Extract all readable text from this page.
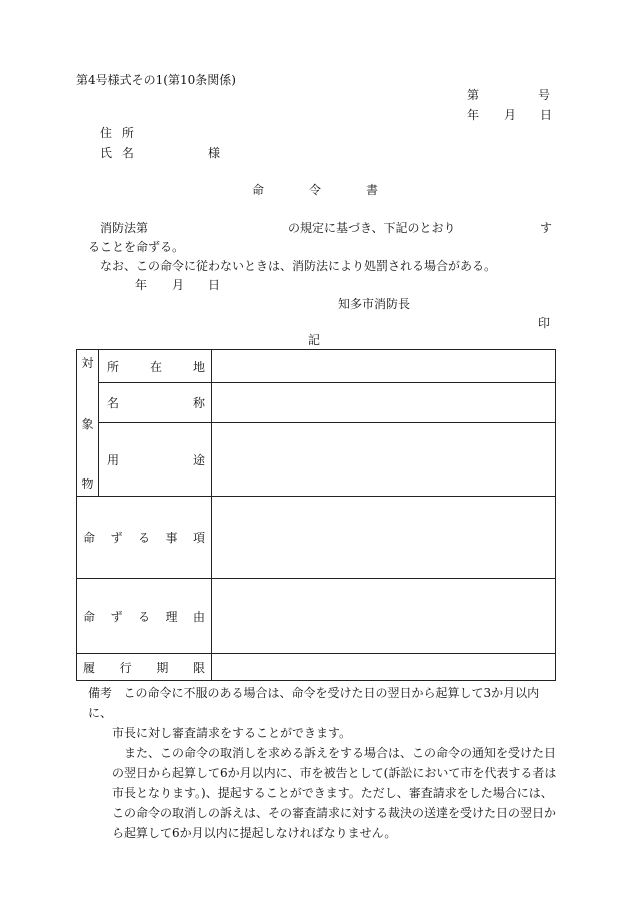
第4号様式その1(第10条関係)
第	号
年 月 日
住 所
氏 名	様
命	令	書
消防法第	の規定に基づき、下記のとおり	す
ることを命ずる。
なお、この命令に従わないときは、消防法により処罰される場合がある。
年 月 日
知多市消防長
印
記
対
象
物	所 在 地	

	名 称	

	用 途	

命 ず る 事 項		

命 ず る 理 由		

履 行 期 限		

備考 この命令に不服のある場合は、命令を受けた日の翌日から起算して3か月以内に、

市長に対し審査請求をすることができます。

また、この命令の取消しを求める訴えをする場合は、この命令の通知を受けた日

の翌日から起算して6か月以内に、市を被告として(訴訟において市を代表する者は

市長となります。)、提起することができます。ただし、審査請求をした場合には、

この命令の取消しの訴えは、その審査請求に対する裁決の送達を受けた日の翌日か

ら起算して6か月以内に提起しなければなりません。
